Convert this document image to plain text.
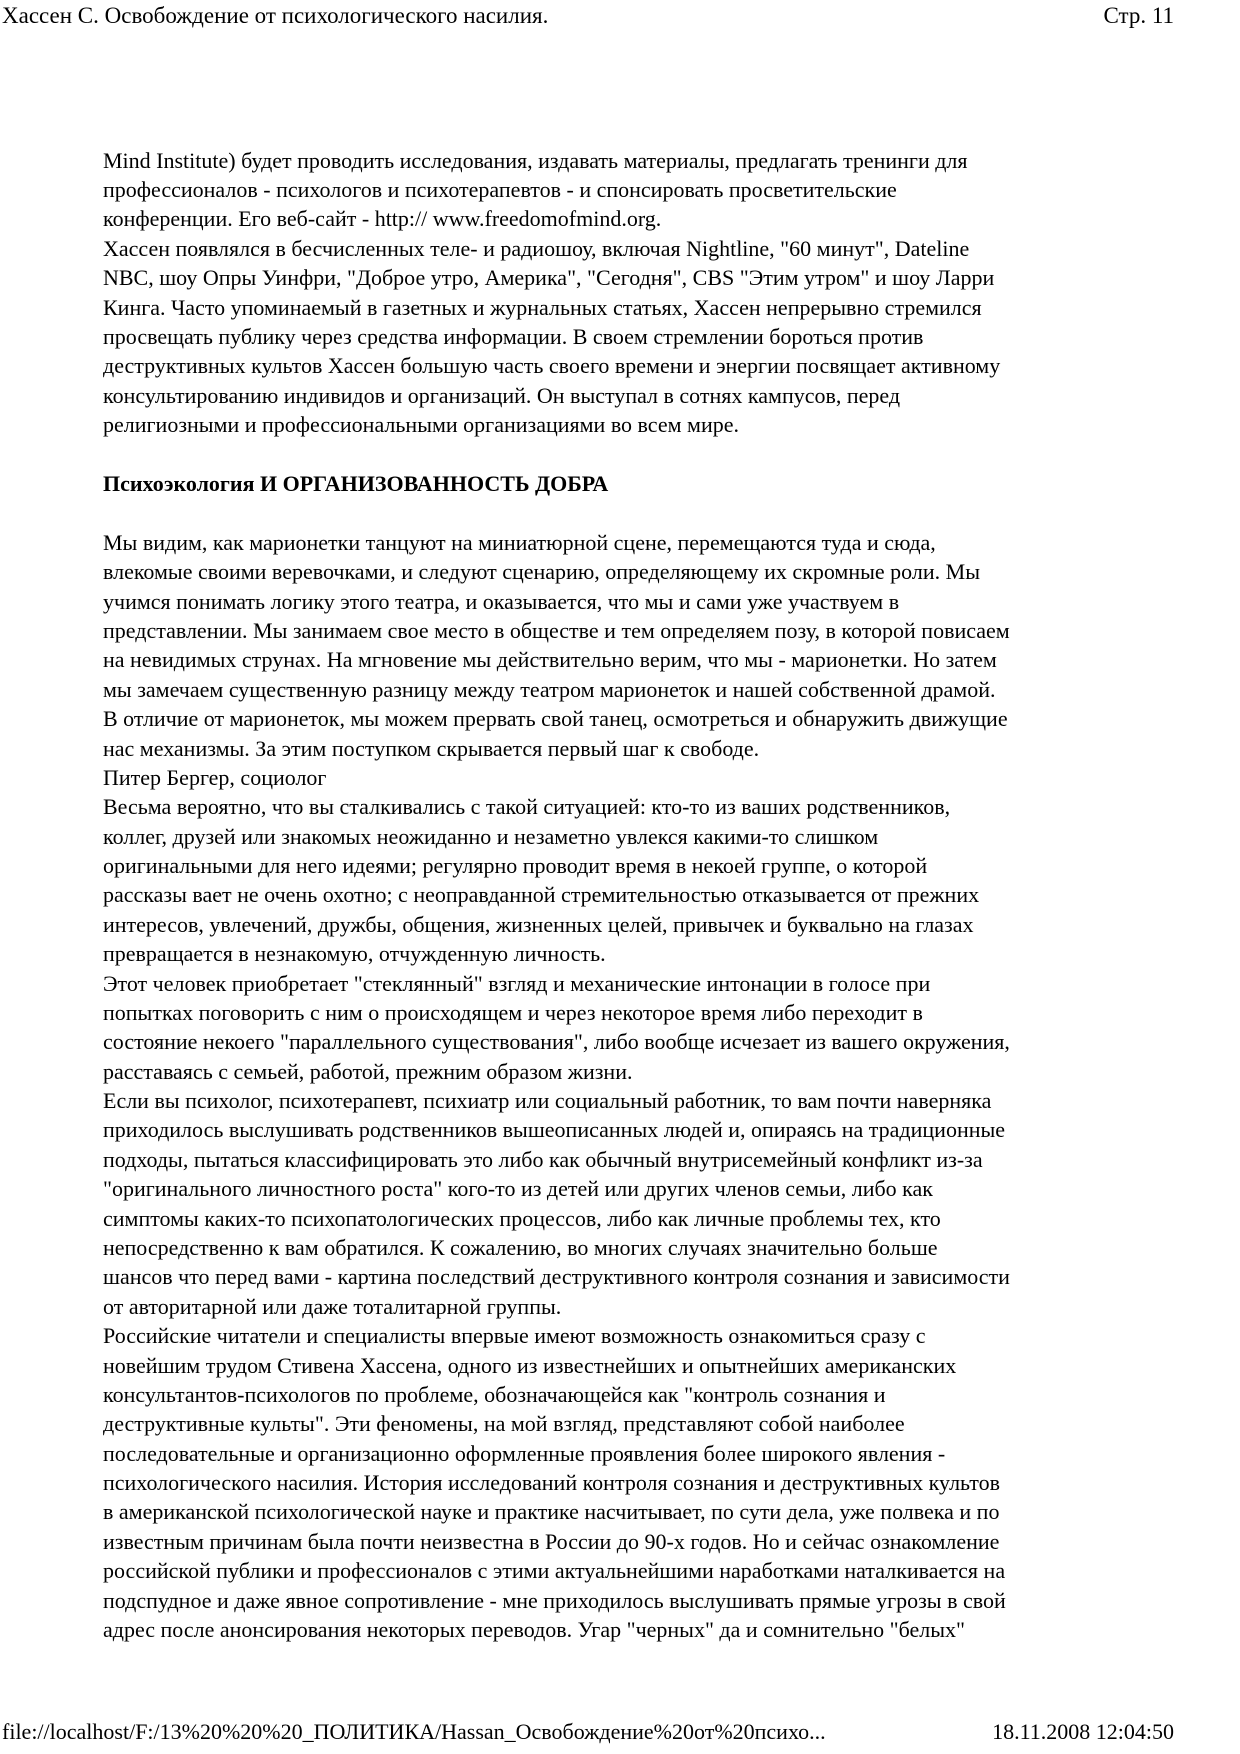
Хассен С. Освобождение от психологического насилия.	Стр. 11
Mind Institute) будет проводить исследования, издавать материалы, предлагать тренинги для
профессионалов - психологов и психотерапевтов - и спонсировать просветительские
конференции. Его веб-сайт - http:// www.freedomofmind.org.
Хассен появлялся в бесчисленных теле- и радиошоу, включая Nightline, "60 минут", Dateline
NBC, шоу Опры Уинфри, "Доброе утро, Америка", "Сегодня", CBS "Этим утром" и шоу Ларри
Кинга. Часто упоминаемый в газетных и журнальных статьях, Хассен непрерывно стремился
просвещать публику через средства информации. В своем стремлении бороться против
деструктивных культов Хассен большую часть своего времени и энергии посвящает активному
консультированию индивидов и организаций. Он выступал в сотнях кампусов, перед
религиозными и профессиональными организациями во всем мире.
Психоэкология И ОРГАНИЗОВАННОСТЬ ДОБРА
Мы видим, как марионетки танцуют на миниатюрной сцене, перемещаются туда и сюда,
влекомые своими веревочками, и следуют сценарию, определяющему их скромные роли. Мы
учимся понимать логику этого театра, и оказывается, что мы и сами уже участвуем в
представлении. Мы занимаем свое место в обществе и тем определяем позу, в которой повисаем
на невидимых струнах. На мгновение мы действительно верим, что мы - марионетки. Но затем
мы замечаем существенную разницу между театром марионеток и нашей собственной драмой.
В отличие от марионеток, мы можем прервать свой танец, осмотреться и обнаружить движущие
нас механизмы. За этим поступком скрывается первый шаг к свободе.
Питер Бергер, социолог
Весьма вероятно, что вы сталкивались с такой ситуацией: кто-то из ваших родственников,
коллег, друзей или знакомых неожиданно и незаметно увлекся какими-то слишком
оригинальными для него идеями; регулярно проводит время в некоей группе, о которой
рассказы вает не очень охотно; с неоправданной стремительностью отказывается от прежних
интересов, увлечений, дружбы, общения, жизненных целей, привычек и буквально на глазах
превращается в незнакомую, отчужденную личность.
Этот человек приобретает "стеклянный" взгляд и механические интонации в голосе при
попытках поговорить с ним о происходящем и через некоторое время либо переходит в
состояние некоего "параллельного существования", либо вообще исчезает из вашего окружения,
расставаясь с семьей, работой, прежним образом жизни.
Если вы психолог, психотерапевт, психиатр или социальный работник, то вам почти наверняка
приходилось выслушивать родственников вышеописанных людей и, опираясь на традиционные
подходы, пытаться классифицировать это либо как обычный внутрисемейный конфликт из-за
"оригинального личностного роста" кого-то из детей или других членов семьи, либо как
симптомы каких-то психопатологических процессов, либо как личные проблемы тех, кто
непосредственно к вам обратился. К сожалению, во многих случаях значительно больше
шансов что перед вами - картина последствий деструктивного контроля сознания и зависимости
от авторитарной или даже тоталитарной группы.
Российские читатели и специалисты впервые имеют возможность ознакомиться сразу с
новейшим трудом Стивена Хассена, одного из известнейших и опытнейших американских
консультантов-психологов по проблеме, обозначающейся как "контроль сознания и
деструктивные культы". Эти феномены, на мой взгляд, представляют собой наиболее
последовательные и организационно оформленные проявления более широкого явления -
психологического насилия. История исследований контроля сознания и деструктивных культов
в американской психологической науке и практике насчитывает, по сути дела, уже полвека и по
известным причинам была почти неизвестна в России до 90-х годов. Но и сейчас ознакомление
российской публики и профессионалов с этими актуальнейшими наработками наталкивается на
подспудное и даже явное сопротивление - мне приходилось выслушивать прямые угрозы в свой
адрес после анонсирования некоторых переводов. Угар "черных" да и сомнительно "белых"
file://localhost/F:/13%20%20%20_ПОЛИТИКА/Hassan_Освобождение%20от%20психо...	18.11.2008 12:04:50
